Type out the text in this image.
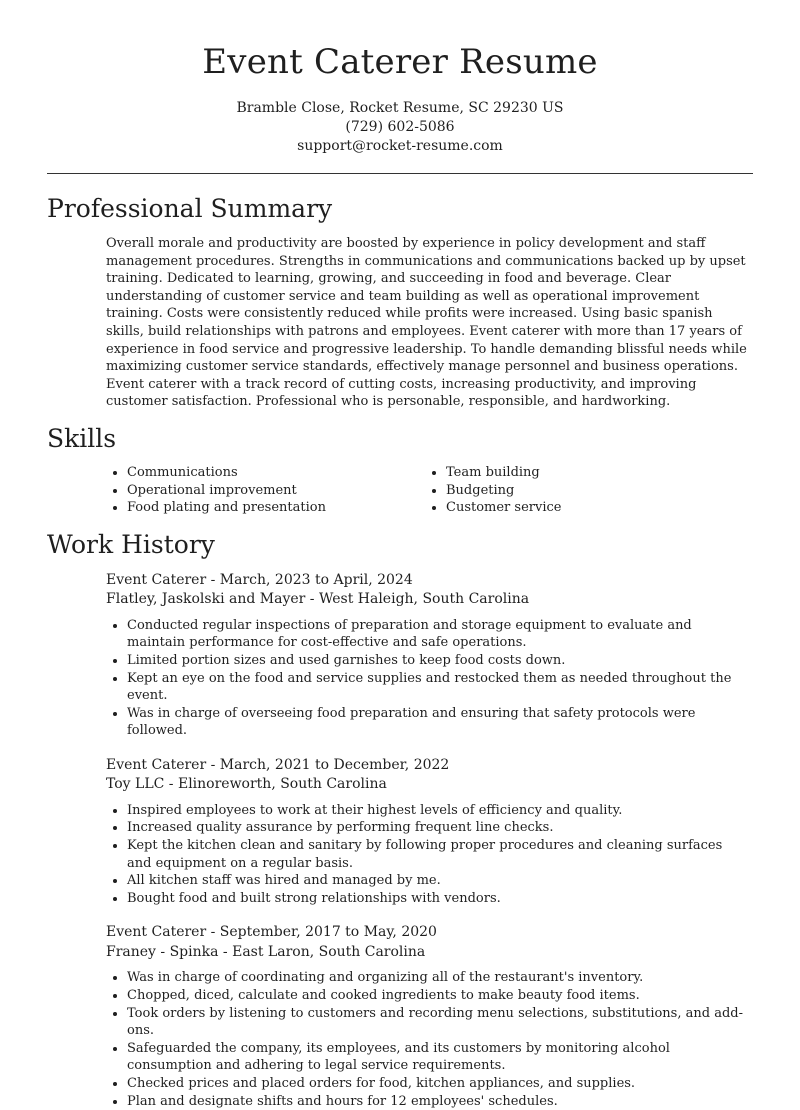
Event Caterer Resume

Bramble Close, Rocket Resume, SC 29230 US

(729) 602-5086

support@rocket-resume.com

Professional Summary

Overall morale and productivity are boosted by experience in policy development and staff management procedures. Strengths in communications and communications backed up by upset training. Dedicated to learning, growing, and succeeding in food and beverage. Clear understanding of customer service and team building as well as operational improvement training. Costs were consistently reduced while profits were increased. Using basic spanish skills, build relationships with patrons and employees. Event caterer with more than 17 years of experience in food service and progressive leadership. To handle demanding blissful needs while maximizing customer service standards, effectively manage personnel and business operations. Event caterer with a track record of cutting costs, increasing productivity, and improving customer satisfaction. Professional who is personable, responsible, and hardworking.

Skills
• Communications
• Operational improvement
• Food plating and presentation
• Team building
• Budgeting
• Customer service
Work History
Event Caterer - March, 2023 to April, 2024
Flatley, Jaskolski and Mayer - West Haleigh, South Carolina
• Conducted regular inspections of preparation and storage equipment to evaluate and maintain performance for cost-effective and safe operations.
• Limited portion sizes and used garnishes to keep food costs down.
• Kept an eye on the food and service supplies and restocked them as needed throughout the event.
• Was in charge of overseeing food preparation and ensuring that safety protocols were followed.
Event Caterer - March, 2021 to December, 2022
Toy LLC - Elinoreworth, South Carolina
• Inspired employees to work at their highest levels of efficiency and quality.
• Increased quality assurance by performing frequent line checks.
• Kept the kitchen clean and sanitary by following proper procedures and cleaning surfaces and equipment on a regular basis.
• All kitchen staff was hired and managed by me.
• Bought food and built strong relationships with vendors.
Event Caterer - September, 2017 to May, 2020
Franey - Spinka - East Laron, South Carolina
• Was in charge of coordinating and organizing all of the restaurant's inventory.
• Chopped, diced, calculate and cooked ingredients to make beauty food items.
• Took orders by listening to customers and recording menu selections, substitutions, and add-ons.
• Safeguarded the company, its employees, and its customers by monitoring alcohol consumption and adhering to legal service requirements.
• Checked prices and placed orders for food, kitchen appliances, and supplies.
• Plan and designate shifts and hours for 12 employees' schedules.
